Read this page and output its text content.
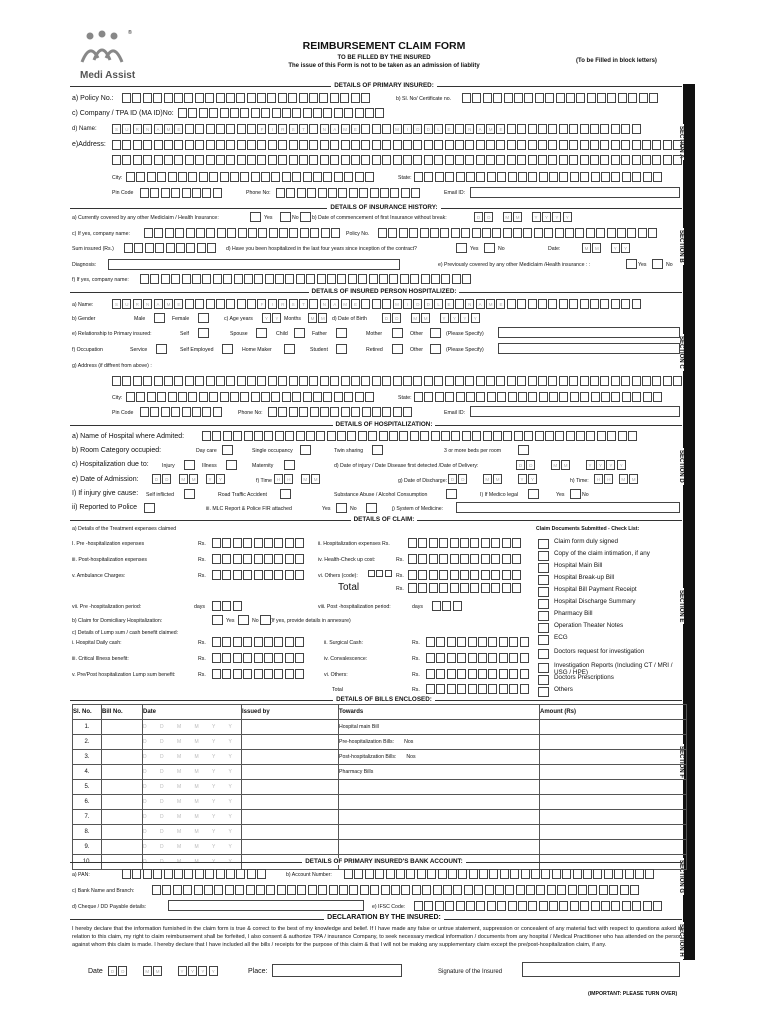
®
Medi Assist
REIMBURSEMENT CLAIM FORM
TO BE FILLED BY THE INSURED
The issue of this Form is not to be taken as an admission of liablity
(To be Filled in block letters)
SECTION A
SECTION B
SECTION C
SECTION D
SECTION E
SECTION F
SECTION G
SECTION H
DETAILS OF PRIMARY INSURED:
a) Policy No.:	b) Sl. No/ Certificate no.
c) Company / TPA ID (MA ID)No:
d) Name:	S	U	R	N	A	M	E	F	I	R	S	T	N	A	M	E	M	I	D	D	L	E	N	A	M	E
e)Address:
City:	State:
Pin Code	Phone No:	Email ID:
DETAILS OF INSURANCE HISTORY:
a) Currently covered by any other Mediclaim / Health Insurance:	Yes	No	b) Date of commencement of first Insurance without break:	D	D	M	M	Y	Y	Y	Y
c) If yes, company name:	Policy No.
Sum insured (Rs.)	d) Have you been hospitalized in the last four years since inception of the contract?	Yes	No	Date:	M	M	Y	Y
Diagnosis:	e) Previously covered by any other Mediclaim /Health insurance : :	Yes	No
f) If yes, company name:
DETAILS OF INSURED PERSON HOSPITALIZED:
a) Name:	S	U	R	N	A	M	E	F	I	R	S	T	N	A	M	E	M	I	D	D	L	E	N	A	M	E
b) Gender	Male	Female	c) Age years	Y	Y	Months	M	M	d) Date of Birth	D	D	M	M	Y	Y	Y	Y
e) Relationship to Primary insured:	Self	Spouse	Child	Father	Mother	Other	(Please Specify)
f) Occupation	Service	Self Employed	Home Maker	Student	Retired	Other	(Please Specify)
g) Address (if diffrent from above) :
City:	State:
Pin Code	Phone No:	Email ID:
DETAILS OF HOSPITALIZATION:
a) Name of Hospital where Admited:
b) Room Category occupied:	Day care	Single occupancy	Twin sharing	3 or more beds per room
c) Hospitalization due to:	Injury	Illness	Maternity	d) Date of injury / Date Disease first detected /Date of Delivery:	D	D	M	M	Y	Y	Y	Y
e) Date of Admission:	D	D	M	M	Y	Y	f) Time	H	H	M	M	g) Date of Discharge: D	D	M	M	Y	Y	h) Time:	H	H	M	M
I) If injury give cause: Self inflicted	Road Traffic Accident	Substance Abuse / Alcohol Consumption	I) If Medico legal	Yes	No
ii) Reported to Police	iii. MLC Report & Police FIR attached	Yes	No	j) System of Medicine:
DETAILS OF CLAIM:
a) Details of the Treatment expenses claimed	Claim Documents Submitted - Check List:
I. Pre -hospitalization expenses	Rs.	ii. Hospitalization expenses Rs.
iii. Post-hospitalization expenses	Rs.	iv. Health-Check up cost:	Rs.
v. Ambulance Charges:	Rs.	vi. Others (code):	Rs.
Total	Rs.
vii. Pre -hospitalization period:	days	viii. Post -hospitalization period:	days
b) Claim for Domiciliary Hospitalization:	Yes	No (If yes, provide details in annexure)
c) Details of Lump sum / cash benefit claimed:
i. Hospital Daily cash:	Rs.	ii. Surgical Cash:	Rs.
iii. Critical Illness benefit:	Rs.	iv. Convalescence:	Rs.
v. Pre/Post hospitalization Lump sum benefit:	Rs.	vi. Others:	Rs.
Total	Rs.
Claim form duly signed
Copy of the claim intimation, if any
Hospital Main Bill
Hospital Break-up Bill
Hospital Bill Payment Receipt
Hospital Discharge Summary
Pharmacy Bill
Operation Theater Notes
ECG
Doctors request for investigation
Investigation Reports (Including CT / MRI / USG / HPE)
Doctors Prescriptions
Others
DETAILS OF BILLS ENCLOSED:
Sl. No.	Bill No.	Date	Issued by	Towards	Amount (Rs)
1.		D D M M Y Y		Hospital main Bill	
2.		D D M M Y Y		Pre-hospitalization Bills: Nos	
3.		D D M M Y Y		Post-hospitalization Bills: Nos	
4.		D D M M Y Y		Pharmacy Bills	
5.		D D M M Y Y			
6.		D D M M Y Y			
7.		D D M M Y Y			
8.		D D M M Y Y			
9.		D D M M Y Y			
10.		D D M M Y Y				DETAILS OF PRIMARY INSURED'S BANK ACCOUNT:
a) PAN:	b) Account Number:
c) Bank Name and Branch:
d) Cheque / DD Payable details:	e) IFSC Code:
DECLARATION BY THE INSURED:
I hereby declare that the information furnished in the claim form is true & correct to the best of my knowledge and belief. If I have made any false or untrue statement, suppression or concealent of any material fact with respect to questions asked in relation to this claim, my right to claim reimbursement shall be forfeited, I also consent & authorize TPA / insurance Company, to seek necessary medical information / documents from any hospital / Medical Practitioner who has attended on the person against whom this claim is made. I hereby declare that I have included all the bills / receipts for the purpose of this claim & that I will not be making any supplementary claim except the pre/post-hospitalization claim, if any.
Date	D	D	M	M	Y	Y	Y	Y	Place:	Signature of the Insured
(IMPORTANT: PLEASE TURN OVER)
